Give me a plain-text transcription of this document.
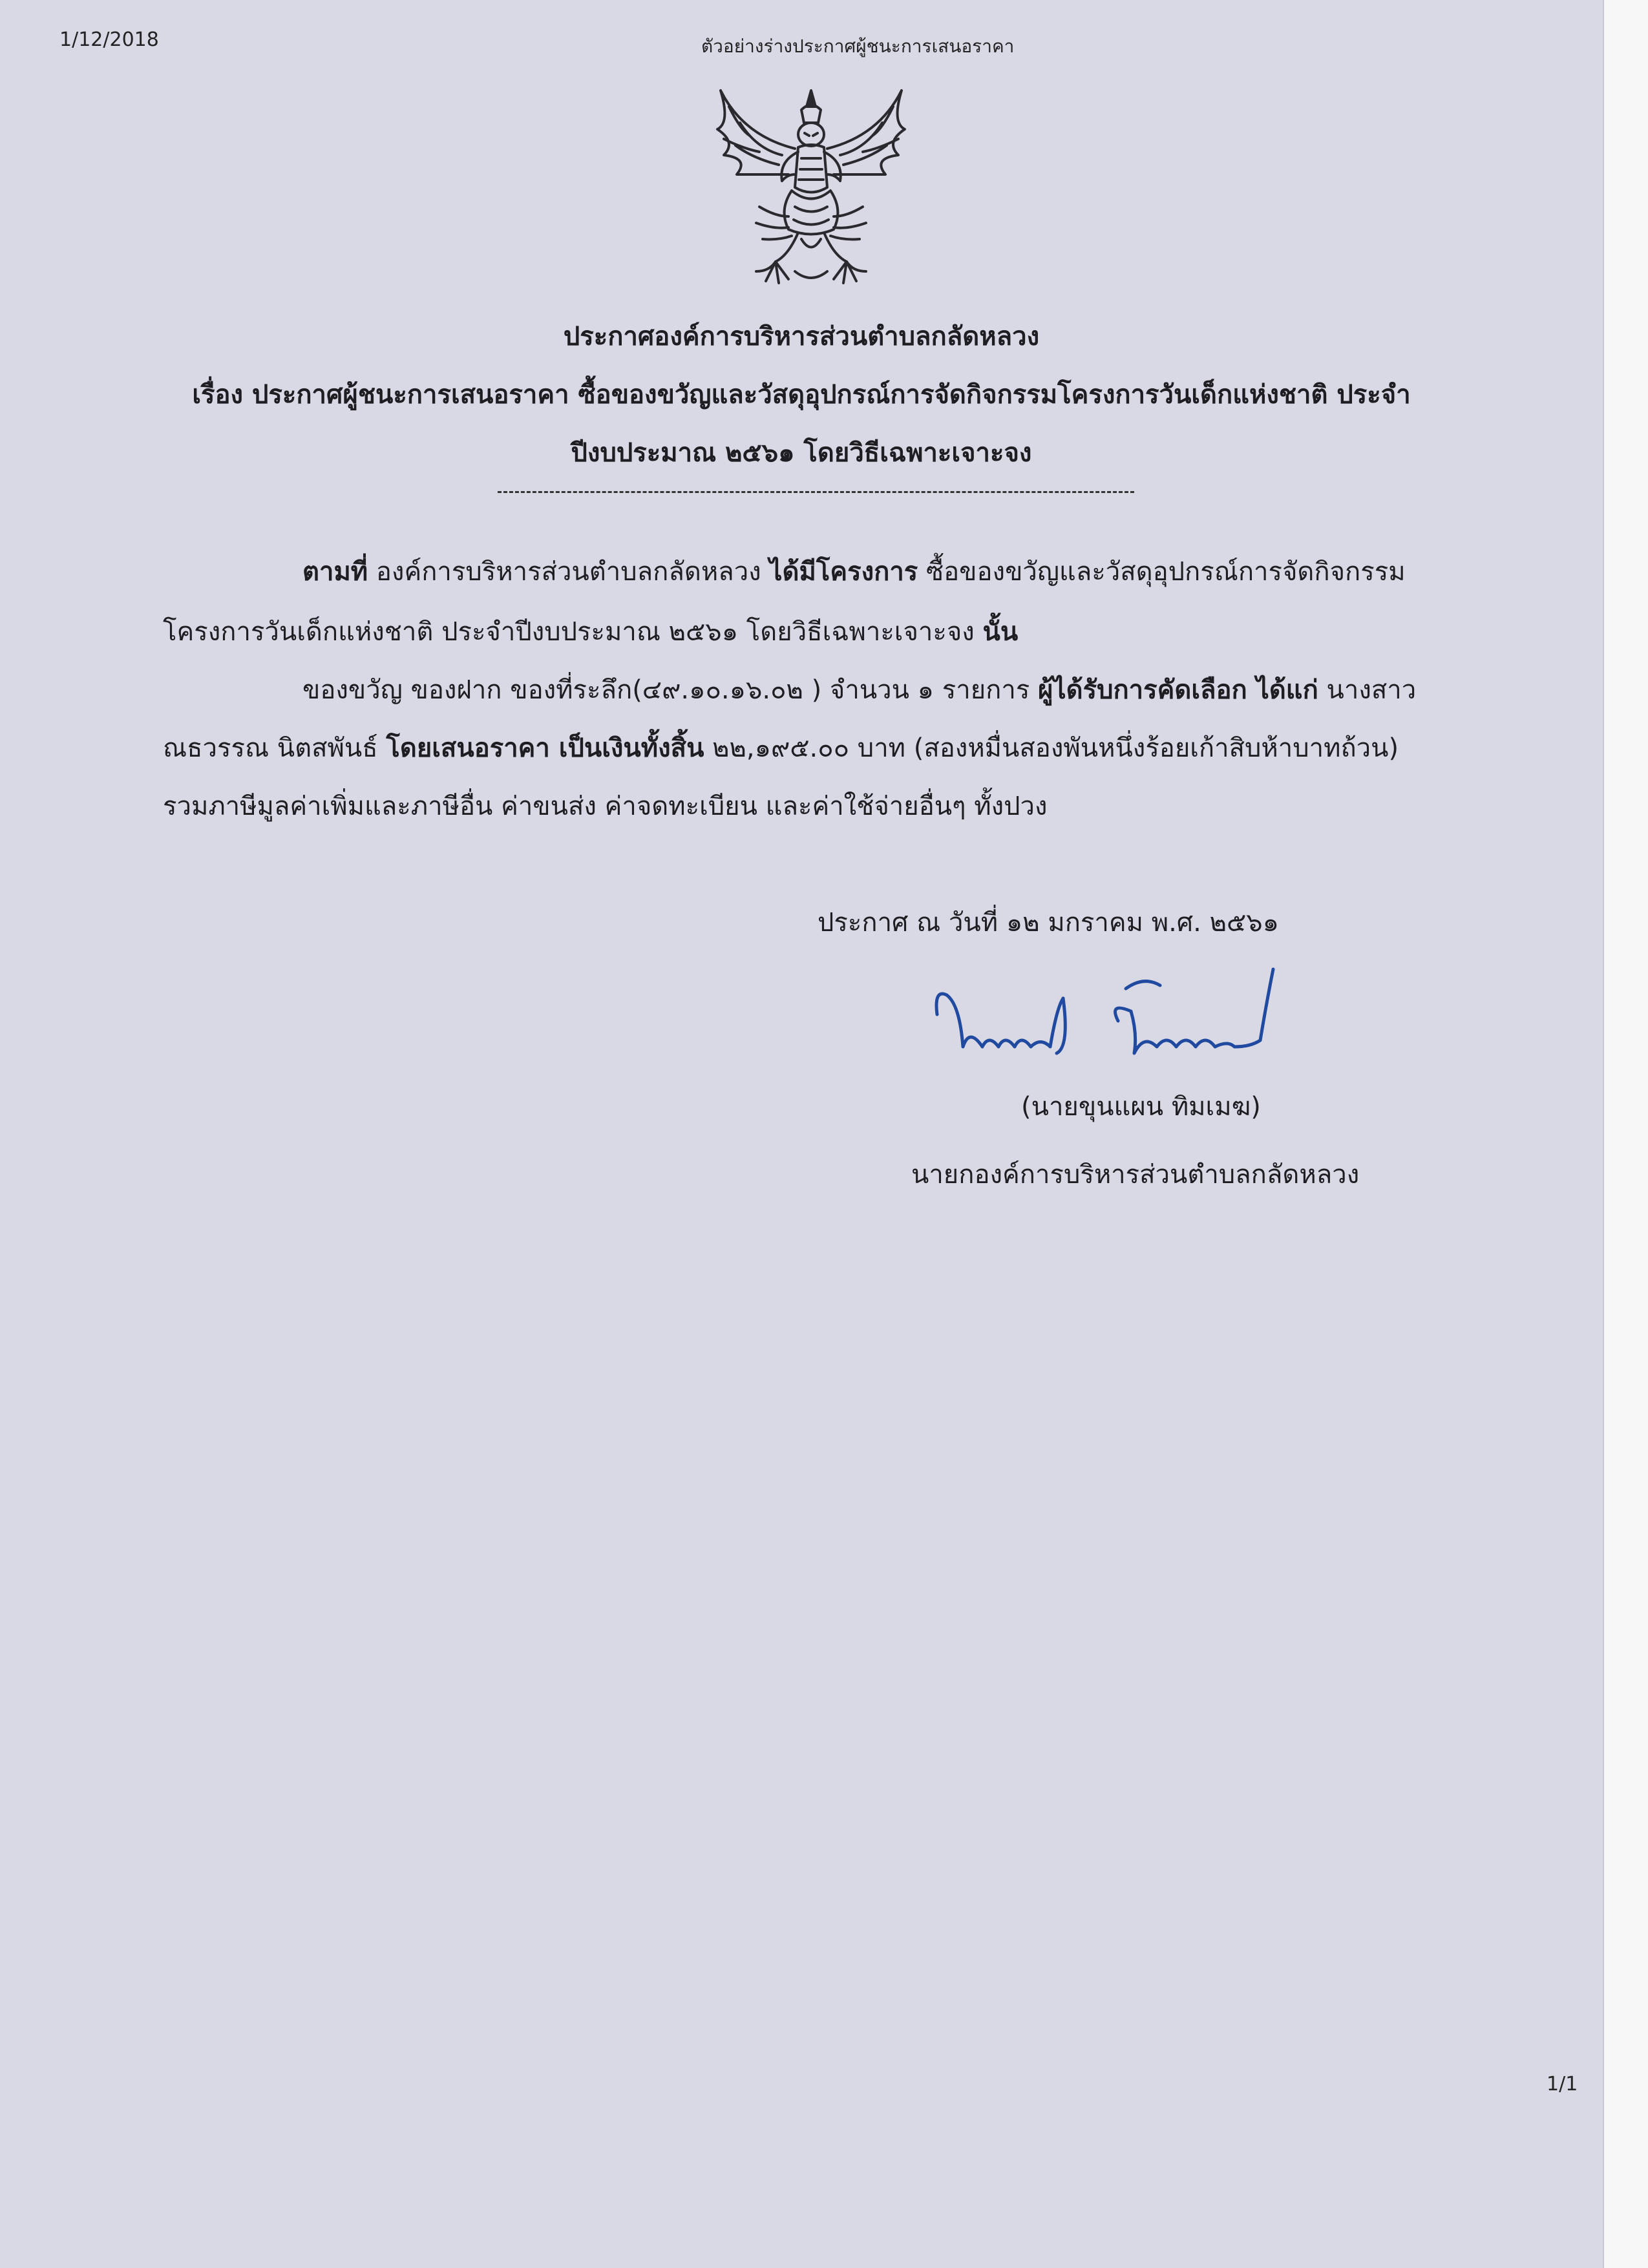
1/12/2018	ตัวอย่างร่างประกาศผู้ชนะการเสนอราคา
ประกาศองค์การบริหารส่วนตำบลกลัดหลวง
เรื่อง ประกาศผู้ชนะการเสนอราคา ซื้อของขวัญและวัสดุอุปกรณ์การจัดกิจกรรมโครงการวันเด็กแห่งชาติ ประจำ
ปีงบประมาณ ๒๕๖๑ โดยวิธีเฉพาะเจาะจง
ตามที่ องค์การบริหารส่วนตำบลกลัดหลวง ได้มีโครงการ ซื้อของขวัญและวัสดุอุปกรณ์การจัดกิจกรรม
โครงการวันเด็กแห่งชาติ ประจำปีงบประมาณ ๒๕๖๑ โดยวิธีเฉพาะเจาะจง นั้น
ของขวัญ ของฝาก ของที่ระลึก(๔๙.๑๐.๑๖.๐๒ ) จำนวน ๑ รายการ ผู้ได้รับการคัดเลือก ได้แก่ นางสาว
ณธวรรณ นิตสพันธ์ โดยเสนอราคา เป็นเงินทั้งสิ้น ๒๒,๑๙๕.๐๐ บาท (สองหมื่นสองพันหนึ่งร้อยเก้าสิบห้าบาทถ้วน)
รวมภาษีมูลค่าเพิ่มและภาษีอื่น ค่าขนส่ง ค่าจดทะเบียน และค่าใช้จ่ายอื่นๆ ทั้งปวง
ประกาศ ณ วันที่ ๑๒ มกราคม พ.ศ. ๒๕๖๑
(นายขุนแผน ทิมเมฆ)
นายกองค์การบริหารส่วนตำบลกลัดหลวง
1/1
